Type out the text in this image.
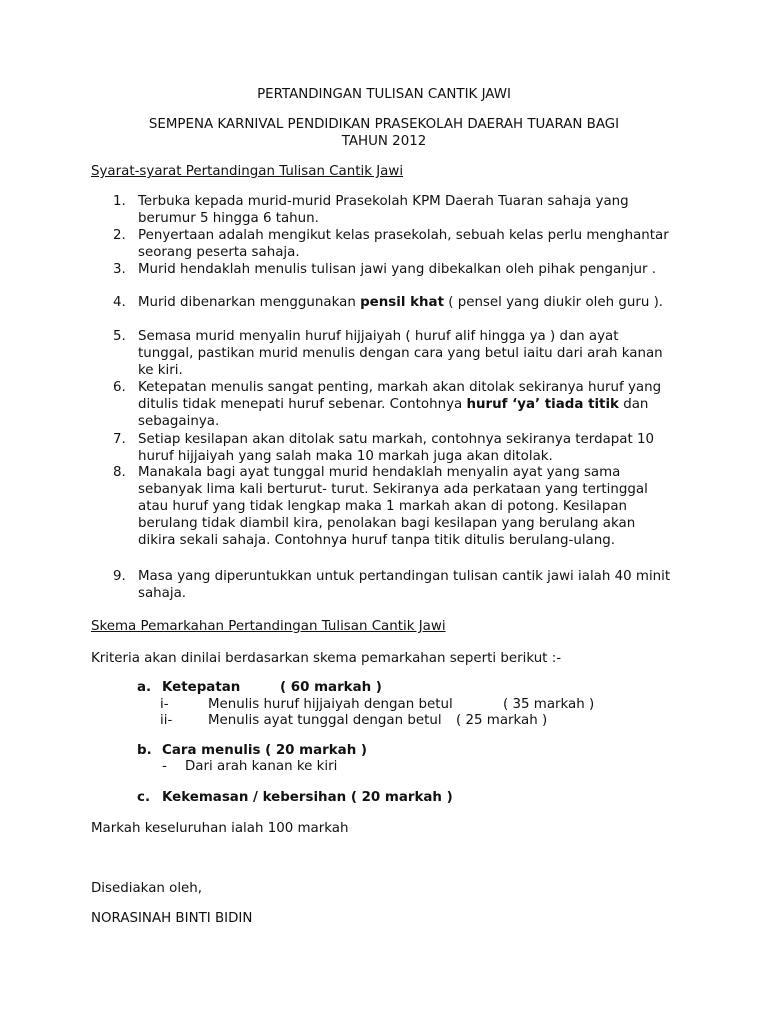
PERTANDINGAN TULISAN CANTIK JAWI
SEMPENA KARNIVAL PENDIDIKAN PRASEKOLAH DAERAH TUARAN BAGI
TAHUN 2012
Syarat-syarat Pertandingan Tulisan Cantik Jawi
1. Terbuka kepada murid-murid Prasekolah KPM Daerah Tuaran sahaja yang berumur 5 hingga 6 tahun.
2. Penyertaan adalah mengikut kelas prasekolah, sebuah kelas perlu menghantar seorang peserta sahaja.
3. Murid hendaklah menulis tulisan jawi yang dibekalkan oleh pihak penganjur .
4. Murid dibenarkan menggunakan pensil khat ( pensel yang diukir oleh guru ).
5. Semasa murid menyalin huruf hijjaiyah ( huruf alif hingga ya ) dan ayat tunggal, pastikan murid menulis dengan cara yang betul iaitu dari arah kanan ke kiri.
6. Ketepatan menulis sangat penting, markah akan ditolak sekiranya huruf yang ditulis tidak menepati huruf sebenar. Contohnya huruf ‘ya’ tiada titik dan sebagainya.
7. Setiap kesilapan akan ditolak satu markah, contohnya sekiranya terdapat 10 huruf hijjaiyah yang salah maka 10 markah juga akan ditolak.
8. Manakala bagi ayat tunggal murid hendaklah menyalin ayat yang sama sebanyak lima kali berturut- turut. Sekiranya ada perkataan yang tertinggal atau huruf yang tidak lengkap maka 1 markah akan di potong. Kesilapan berulang tidak diambil kira, penolakan bagi kesilapan yang berulang akan dikira sekali sahaja. Contohnya huruf tanpa titik ditulis berulang-ulang.
9. Masa yang diperuntukkan untuk pertandingan tulisan cantik jawi ialah 40 minit sahaja.
Skema Pemarkahan Pertandingan Tulisan Cantik Jawi
Kriteria akan dinilai berdasarkan skema pemarkahan seperti berikut :-
a. Ketepatan	( 60 markah )
i-	Menulis huruf hijjaiyah dengan betul	( 35 markah )
ii-	Menulis ayat tunggal dengan betul ( 25 markah )
b. Cara menulis ( 20 markah )
- Dari arah kanan ke kiri
c. Kekemasan / kebersihan ( 20 markah )
Markah keseluruhan ialah 100 markah
Disediakan oleh,
NORASINAH BINTI BIDIN
